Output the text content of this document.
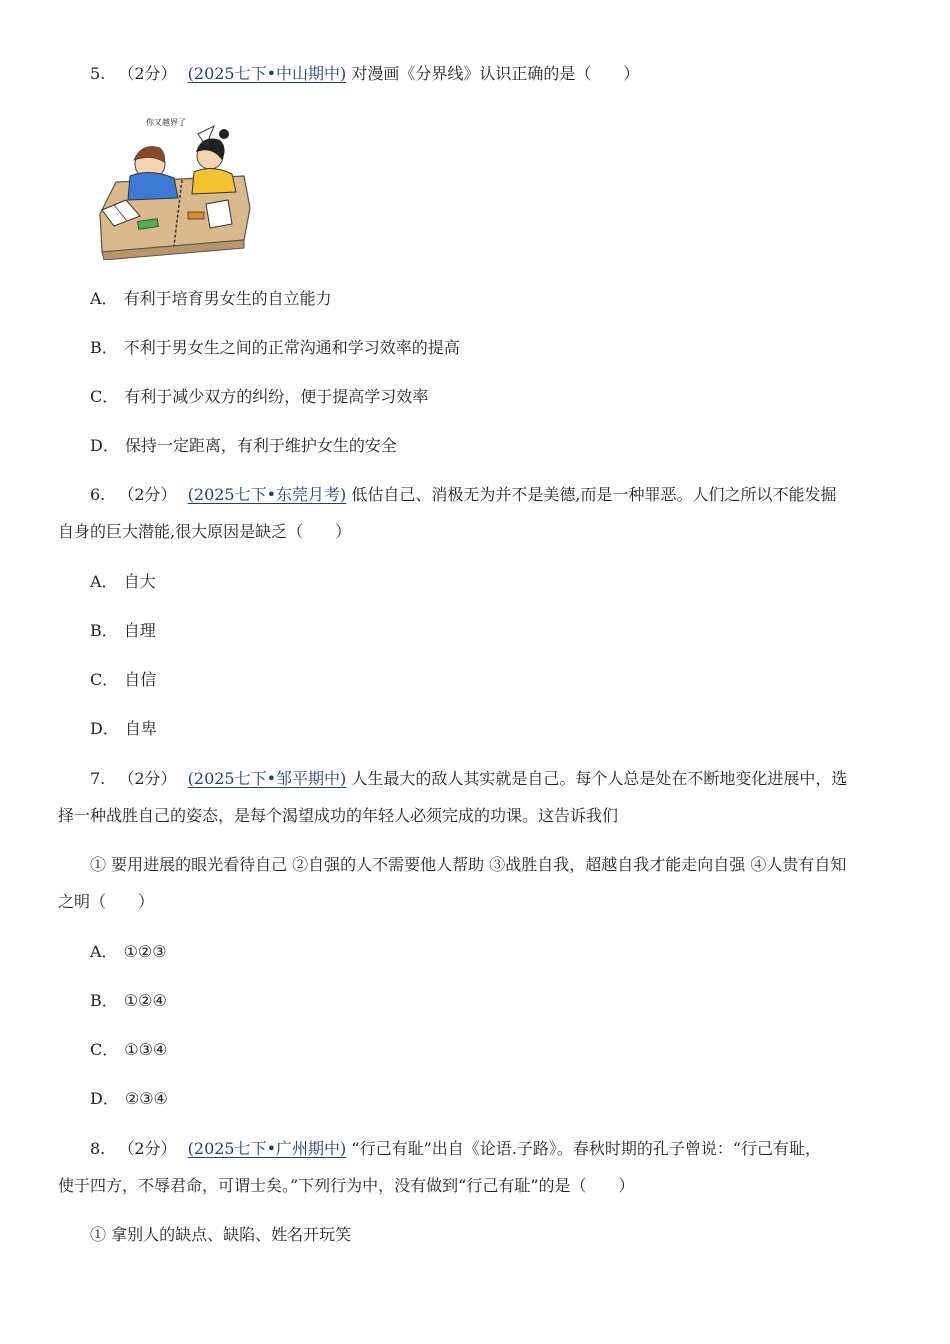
5. （2分） (2025七下•中山期中) 对漫画《分界线》认识正确的是（　　）
你又越界了
A． 有利于培育男女生的自立能力
B． 不利于男女生之间的正常沟通和学习效率的提高
C． 有利于减少双方的纠纷，便于提高学习效率
D． 保持一定距离，有利于维护女生的安全
6. （2分） (2025七下•东莞月考) 低估自己、消极无为并不是美德,而是一种罪恶。人们之所以不能发掘
自身的巨大潜能,很大原因是缺乏（　　）
A． 自大
B． 自理
C． 自信
D． 自卑
7. （2分） (2025七下•邹平期中) 人生最大的敌人其实就是自己。每个人总是处在不断地变化进展中，选
择一种战胜自己的姿态，是每个渴望成功的年轻人必须完成的功课。这告诉我们
① 要用进展的眼光看待自己 ②自强的人不需要他人帮助 ③战胜自我，超越自我才能走向自强 ④人贵有自知
之明（　　）
A． ①②③
B． ①②④
C． ①③④
D． ②③④
8. （2分） (2025七下•广州期中) “行己有耻”出自《论语.子路》。春秋时期的孔子曾说：“行己有耻，
使于四方，不辱君命，可谓士矣。”下列行为中，没有做到“行己有耻”的是（　　）
① 拿别人的缺点、缺陷、姓名开玩笑
